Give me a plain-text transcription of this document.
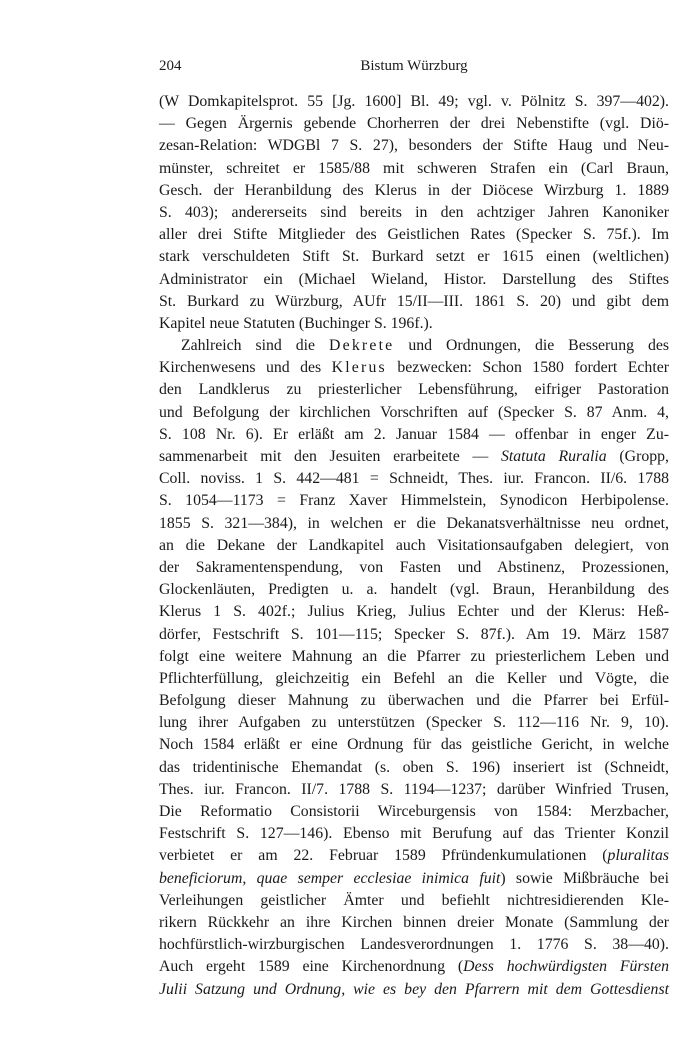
204	Bistum Würzburg
(W Domkapitelsprot. 55 [Jg. 1600] Bl. 49; vgl. v. Pölnitz S. 397—402).
— Gegen Ärgernis gebende Chorherren der drei Nebenstifte (vgl. Diö-
zesan-Relation: WDGBl 7 S. 27), besonders der Stifte Haug und Neu-
münster, schreitet er 1585/88 mit schweren Strafen ein (Carl Braun,
Gesch. der Heranbildung des Klerus in der Diöcese Wirzburg 1. 1889
S. 403); andererseits sind bereits in den achtziger Jahren Kanoniker
aller drei Stifte Mitglieder des Geistlichen Rates (Specker S. 75f.). Im
stark verschuldeten Stift St. Burkard setzt er 1615 einen (weltlichen)
Administrator ein (Michael Wieland, Histor. Darstellung des Stiftes
St. Burkard zu Würzburg, AUfr 15/II—III. 1861 S. 20) und gibt dem
Kapitel neue Statuten (Buchinger S. 196f.).
Zahlreich sind die Dekrete und Ordnungen, die Besserung des
Kirchenwesens und des Klerus bezwecken: Schon 1580 fordert Echter
den Landklerus zu priesterlicher Lebensführung, eifriger Pastoration
und Befolgung der kirchlichen Vorschriften auf (Specker S. 87 Anm. 4,
S. 108 Nr. 6). Er erläßt am 2. Januar 1584 — offenbar in enger Zu-
sammenarbeit mit den Jesuiten erarbeitete — Statuta Ruralia (Gropp,
Coll. noviss. 1 S. 442—481 = Schneidt, Thes. iur. Francon. II/6. 1788
S. 1054—1173 = Franz Xaver Himmelstein, Synodicon Herbipolense.
1855 S. 321—384), in welchen er die Dekanatsverhältnisse neu ordnet,
an die Dekane der Landkapitel auch Visitationsaufgaben delegiert, von
der Sakramentenspendung, von Fasten und Abstinenz, Prozessionen,
Glockenläuten, Predigten u. a. handelt (vgl. Braun, Heranbildung des
Klerus 1 S. 402f.; Julius Krieg, Julius Echter und der Klerus: Heß-
dörfer, Festschrift S. 101—115; Specker S. 87f.). Am 19. März 1587
folgt eine weitere Mahnung an die Pfarrer zu priesterlichem Leben und
Pflichterfüllung, gleichzeitig ein Befehl an die Keller und Vögte, die
Befolgung dieser Mahnung zu überwachen und die Pfarrer bei Erfül-
lung ihrer Aufgaben zu unterstützen (Specker S. 112—116 Nr. 9, 10).
Noch 1584 erläßt er eine Ordnung für das geistliche Gericht, in welche
das tridentinische Ehemandat (s. oben S. 196) inseriert ist (Schneidt,
Thes. iur. Francon. II/7. 1788 S. 1194—1237; darüber Winfried Trusen,
Die Reformatio Consistorii Wirceburgensis von 1584: Merzbacher,
Festschrift S. 127—146). Ebenso mit Berufung auf das Trienter Konzil
verbietet er am 22. Februar 1589 Pfründenkumulationen (pluralitas
beneficiorum, quae semper ecclesiae inimica fuit) sowie Mißbräuche bei
Verleihungen geistlicher Ämter und befiehlt nichtresidierenden Kle-
rikern Rückkehr an ihre Kirchen binnen dreier Monate (Sammlung der
hochfürstlich-wirzburgischen Landesverordnungen 1. 1776 S. 38—40).
Auch ergeht 1589 eine Kirchenordnung (Dess hochwürdigsten Fürsten
Julii Satzung und Ordnung, wie es bey den Pfarrern mit dem Gottesdienst
